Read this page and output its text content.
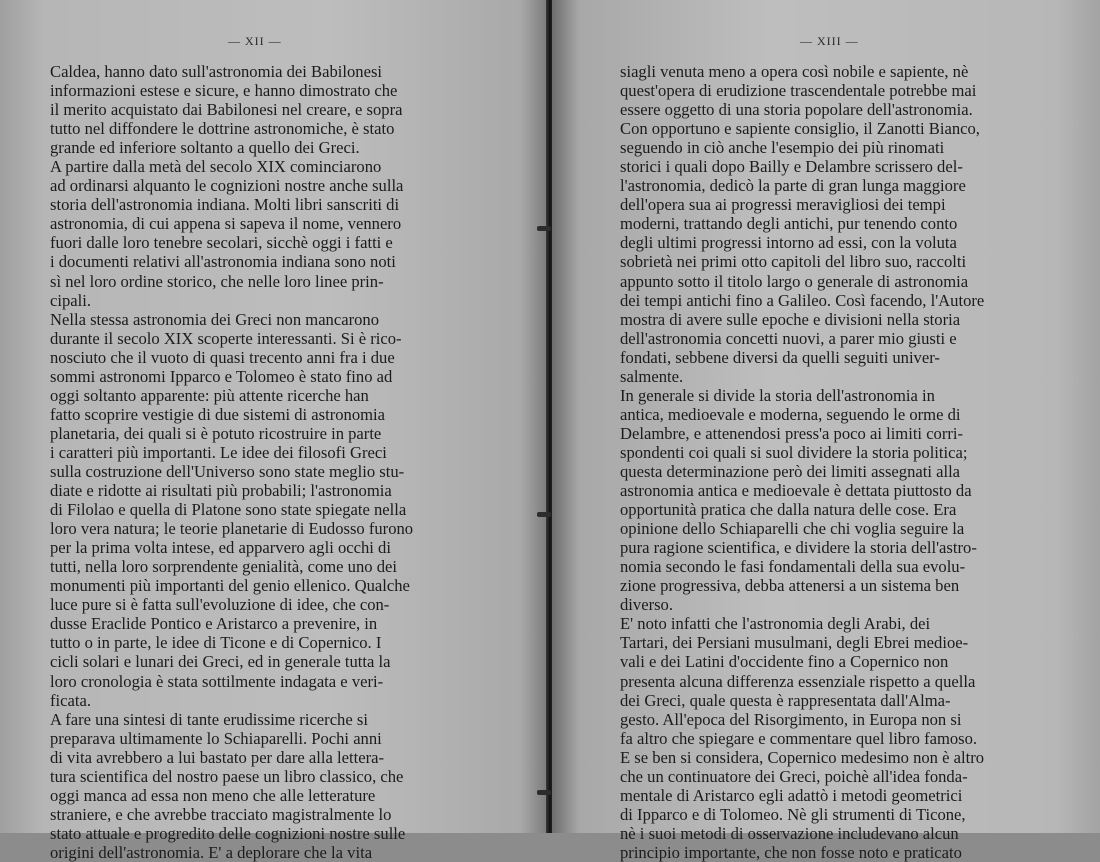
— XII —
Caldea, hanno dato sull'astronomia dei Babilonesi
informazioni estese e sicure, e hanno dimostrato che
il merito acquistato dai Babilonesi nel creare, e sopra
tutto nel diffondere le dottrine astronomiche, è stato
grande ed inferiore soltanto a quello dei Greci.
A partire dalla metà del secolo XIX cominciarono
ad ordinarsi alquanto le cognizioni nostre anche sulla
storia dell'astronomia indiana. Molti libri sanscriti di
astronomia, di cui appena si sapeva il nome, vennero
fuori dalle loro tenebre secolari, sicchè oggi i fatti e
i documenti relativi all'astronomia indiana sono noti
sì nel loro ordine storico, che nelle loro linee prin-
cipali.
Nella stessa astronomia dei Greci non mancarono
durante il secolo XIX scoperte interessanti. Si è rico-
nosciuto che il vuoto di quasi trecento anni fra i due
sommi astronomi Ipparco e Tolomeo è stato fino ad
oggi soltanto apparente: più attente ricerche han
fatto scoprire vestigie di due sistemi di astronomia
planetaria, dei quali si è potuto ricostruire in parte
i caratteri più importanti. Le idee dei filosofi Greci
sulla costruzione dell'Universo sono state meglio stu-
diate e ridotte ai risultati più probabili; l'astronomia
di Filolao e quella di Platone sono state spiegate nella
loro vera natura; le teorie planetarie di Eudosso furono
per la prima volta intese, ed apparvero agli occhi di
tutti, nella loro sorprendente genialità, come uno dei
monumenti più importanti del genio ellenico. Qualche
luce pure si è fatta sull'evoluzione di idee, che con-
dusse Eraclide Pontico e Aristarco a prevenire, in
tutto o in parte, le idee di Ticone e di Copernico. I
cicli solari e lunari dei Greci, ed in generale tutta la
loro cronologia è stata sottilmente indagata e veri-
ficata.
A fare una sintesi di tante erudissime ricerche si
preparava ultimamente lo Schiaparelli. Pochi anni
di vita avrebbero a lui bastato per dare alla lettera-
tura scientifica del nostro paese un libro classico, che
oggi manca ad essa non meno che alle letterature
straniere, e che avrebbe tracciato magistralmente lo
stato attuale e progredito delle cognizioni nostre sulle
origini dell'astronomia. E' a deplorare che la vita
— XIII —
siagli venuta meno a opera così nobile e sapiente, nè
quest'opera di erudizione trascendentale potrebbe mai
essere oggetto di una storia popolare dell'astronomia.
Con opportuno e sapiente consiglio, il Zanotti Bianco,
seguendo in ciò anche l'esempio dei più rinomati
storici i quali dopo Bailly e Delambre scrissero del-
l'astronomia, dedicò la parte di gran lunga maggiore
dell'opera sua ai progressi meravigliosi dei tempi
moderni, trattando degli antichi, pur tenendo conto
degli ultimi progressi intorno ad essi, con la voluta
sobrietà nei primi otto capitoli del libro suo, raccolti
appunto sotto il titolo largo o generale di astronomia
dei tempi antichi fino a Galileo. Così facendo, l'Autore
mostra di avere sulle epoche e divisioni nella storia
dell'astronomia concetti nuovi, a parer mio giusti e
fondati, sebbene diversi da quelli seguiti univer-
salmente.
In generale si divide la storia dell'astronomia in
antica, medioevale e moderna, seguendo le orme di
Delambre, e attenendosi press'a poco ai limiti corri-
spondenti coi quali si suol dividere la storia politica;
questa determinazione però dei limiti assegnati alla
astronomia antica e medioevale è dettata piuttosto da
opportunità pratica che dalla natura delle cose. Era
opinione dello Schiaparelli che chi voglia seguire la
pura ragione scientifica, e dividere la storia dell'astro-
nomia secondo le fasi fondamentali della sua evolu-
zione progressiva, debba attenersi a un sistema ben
diverso.
E' noto infatti che l'astronomia degli Arabi, dei
Tartari, dei Persiani musulmani, degli Ebrei medioe-
vali e dei Latini d'occidente fino a Copernico non
presenta alcuna differenza essenziale rispetto a quella
dei Greci, quale questa è rappresentata dall'Alma-
gesto. All'epoca del Risorgimento, in Europa non si
fa altro che spiegare e commentare quel libro famoso.
E se ben si considera, Copernico medesimo non è altro
che un continuatore dei Greci, poichè all'idea fonda-
mentale di Aristarco egli adattò i metodi geometrici
di Ipparco e di Tolomeo. Nè gli strumenti di Ticone,
nè i suoi metodi di osservazione includevano alcun
principio importante, che non fosse noto e praticato
